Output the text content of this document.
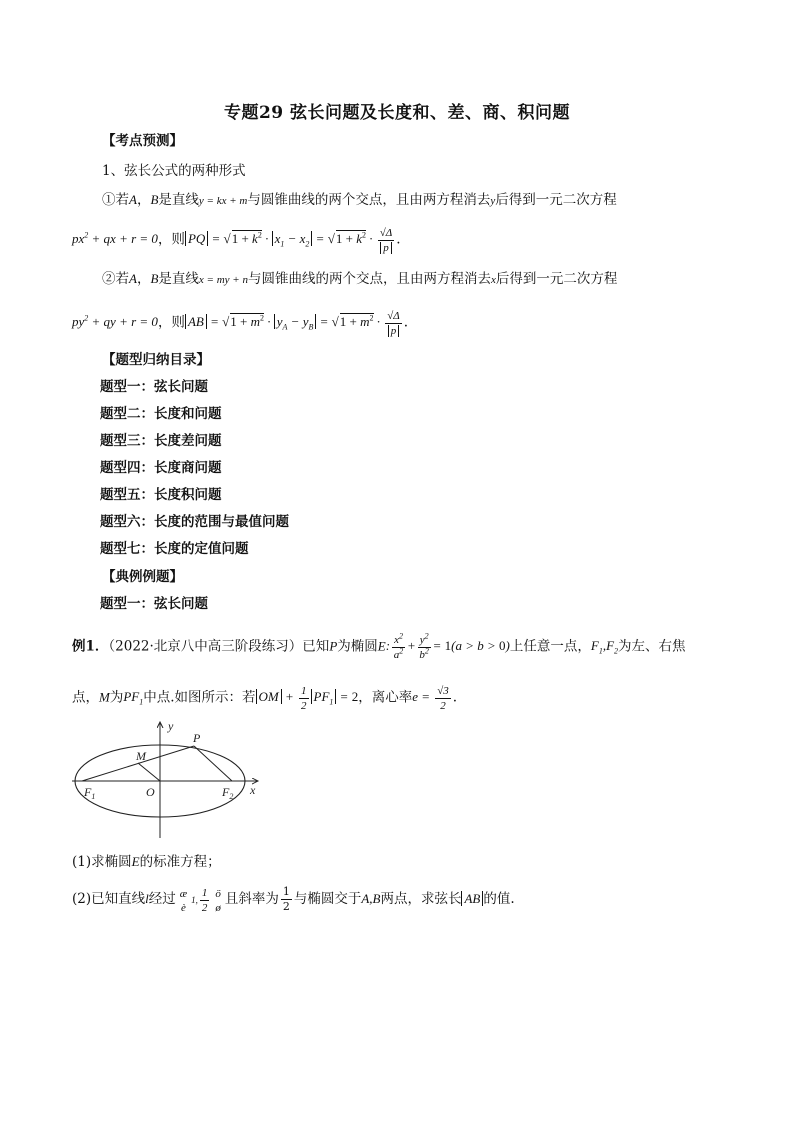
专题29 弦长问题及长度和、差、商、积问题
【考点预测】
1、弦长公式的两种形式
①若A，B是直线y = kx + m与圆锥曲线的两个交点，且由两方程消去y后得到一元二次方程
$px^2$ + qx + r = 0，则 PQ = $√1 + k^2 \cdot x_1 - x_2 = √1 + k^2 \cdot \frac{√\Delta}{p}$ .
②若A，B是直线x = my + n与圆锥曲线的两个交点，且由两方程消去x后得到一元二次方程
$py^2$ + qy + r = 0，则 AB = $√1 + m^2 \cdot y_A - y_B = √1 + m^2 \cdot \frac{√\Delta}{p}$ .
【题型归纳目录】
题型一：弦长问题
题型二：长度和问题
题型三：长度差问题
题型四：长度商问题
题型五：长度积问题
题型六：长度的范围与最值问题
题型七：长度的定值问题
【典例例题】
题型一：弦长问题
例1．（2022·北京八中高三阶段练习）已知P为椭圆E: $\frac{x^2}{a^2} + \frac{y^2}{b^2} = 1(a > b > 0)$上任意一点，$F_1,F_2$为左、右焦
点，M为$PF_1$中点.如图所示：若 OM + $\frac{1}{2} PF_1 = 2$，离心率$e = \frac{√3}{2}$ .
y
x
P
M
O
$F_1$	$F_2$
(1)求椭圆E的标准方程；
(2)已知直线l经过 æ
è
1, $\frac{1}{2}$ ö
ø
且斜率为 $\frac{1}{2}$ 与椭圆交于A,B两点，求弦长 AB 的值.
